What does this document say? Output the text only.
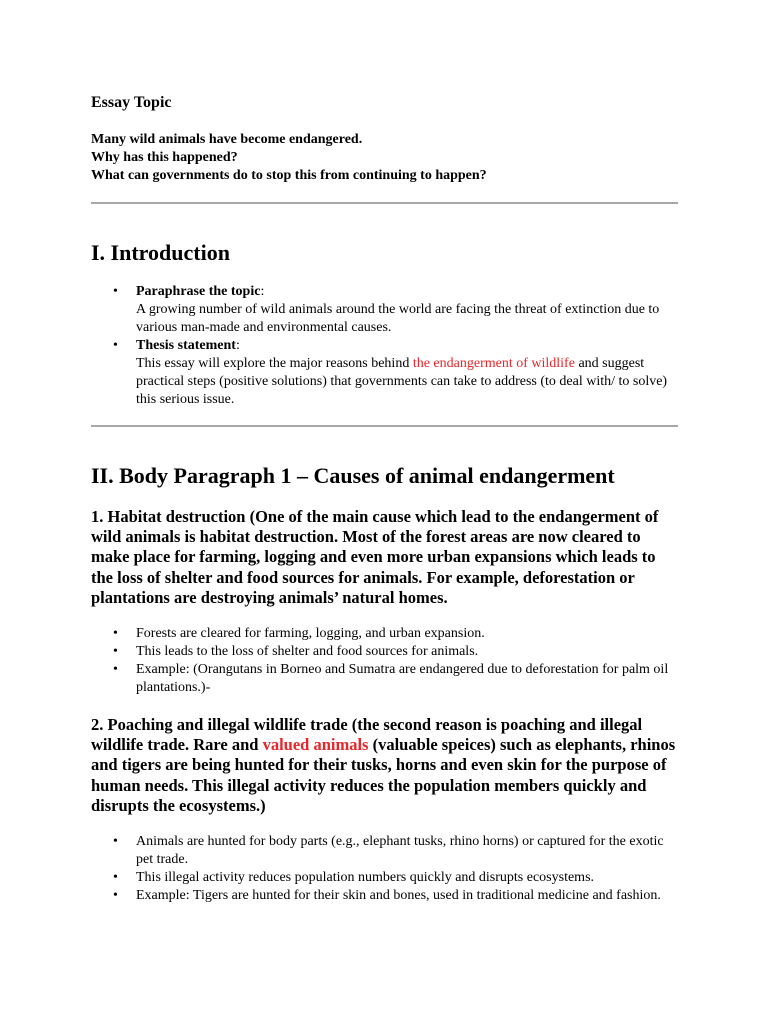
Essay Topic
Many wild animals have become endangered.
Why has this happened?
What can governments do to stop this from continuing to happen?
I. Introduction
• Paraphrase the topic:
A growing number of wild animals around the world are facing the threat of extinction due to various man-made and environmental causes.
• Thesis statement:
This essay will explore the major reasons behind the endangerment of wildlife and suggest practical steps (positive solutions) that governments can take to address (to deal with/ to solve) this serious issue.
II. Body Paragraph 1 – Causes of animal endangerment
1. Habitat destruction (One of the main cause which lead to the endangerment of wild animals is habitat destruction. Most of the forest areas are now cleared to make place for farming, logging and even more urban expansions which leads to the loss of shelter and food sources for animals. For example, deforestation or plantations are destroying animals’ natural homes.
• Forests are cleared for farming, logging, and urban expansion.
• This leads to the loss of shelter and food sources for animals.
• Example: (Orangutans in Borneo and Sumatra are endangered due to deforestation for palm oil plantations.)-
2. Poaching and illegal wildlife trade (the second reason is poaching and illegal wildlife trade. Rare and valued animals (valuable speices) such as elephants, rhinos and tigers are being hunted for their tusks, horns and even skin for the purpose of human needs. This illegal activity reduces the population members quickly and disrupts the ecosystems.)
• Animals are hunted for body parts (e.g., elephant tusks, rhino horns) or captured for the exotic pet trade.
• This illegal activity reduces population numbers quickly and disrupts ecosystems.
• Example: Tigers are hunted for their skin and bones, used in traditional medicine and fashion.
